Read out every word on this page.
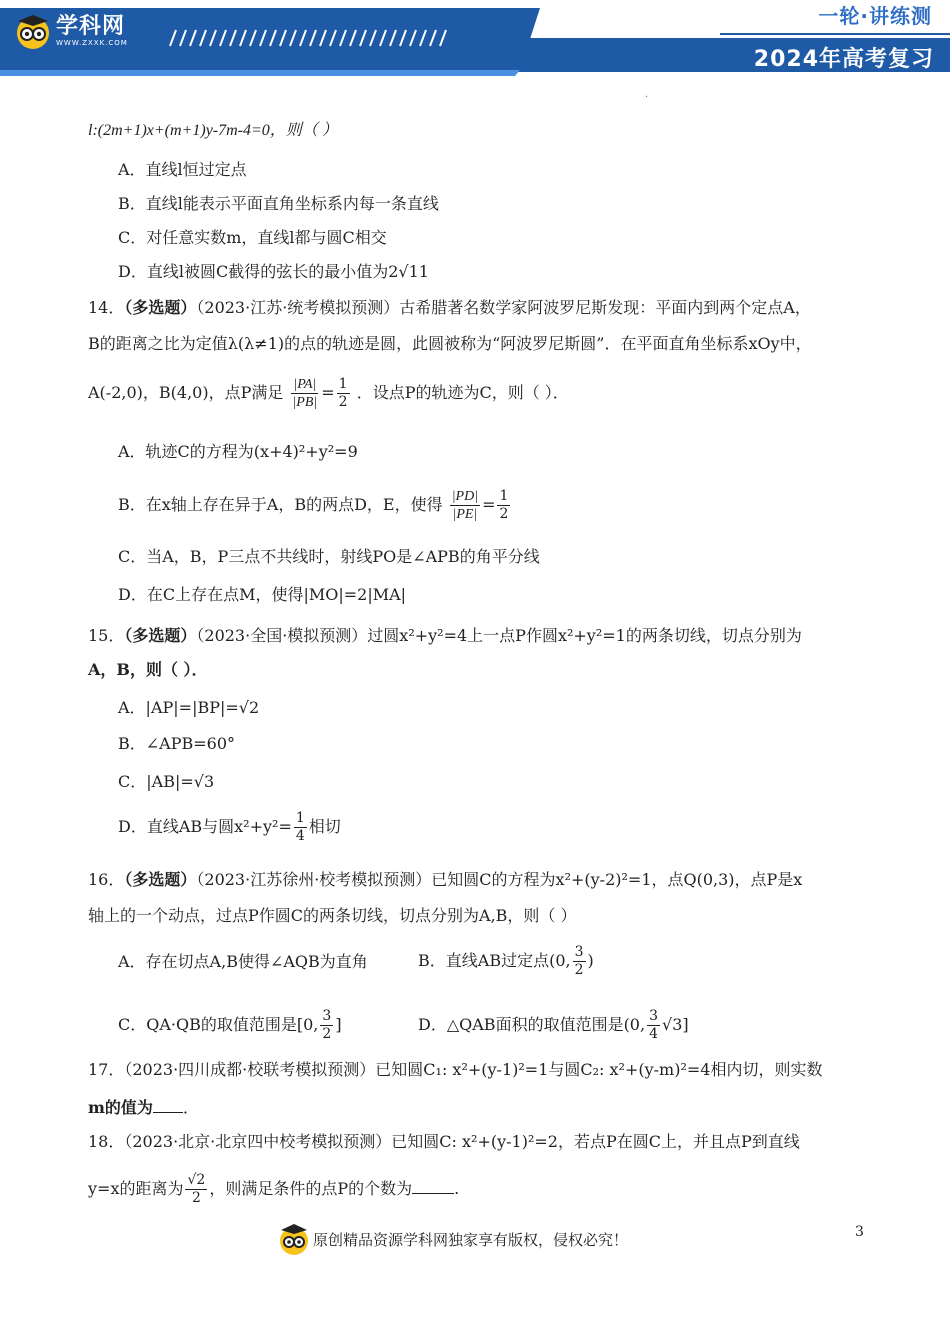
学科网
WWW.ZXXK.COM
一轮·讲练测
2024年高考复习
·
l:(2m+1)x+(m+1)y-7m-4=0，则（ ）
A．直线l恒过定点
B．直线l能表示平面直角坐标系内每一条直线
C．对任意实数m，直线l都与圆C相交
D．直线l被圆C截得的弦长的最小值为2√11
14．（多选题）（2023·江苏·统考模拟预测）古希腊著名数学家阿波罗尼斯发现：平面内到两个定点A，
B的距离之比为定值λ(λ≠1)的点的轨迹是圆，此圆被称为“阿波罗尼斯圆”．在平面直角坐标系xOy中，
A(-2,0)，B(4,0)，点P满足 $\frac{|PA|}{|PB|} = \frac{1}{2}$ ．设点P的轨迹为C，则（ ）．
A．轨迹C的方程为(x+4)²+y²=9
B．在x轴上存在异于A，B的两点D，E，使得 $\frac{|PD|}{|PE|} = \frac{1}{2}$
C．当A，B，P三点不共线时，射线PO是∠APB的角平分线
D．在C上存在点M，使得|MO|=2|MA|
15．（多选题）（2023·全国·模拟预测）过圆x²+y²=4上一点P作圆x²+y²=1的两条切线，切点分别为
A，B，则（ ）．
A．|AP|=|BP|=√2
B．∠APB=60°
C．|AB|=√3
D．直线AB与圆$x^2+y^2= \frac{1}{4}$ 相切
16．（多选题）（2023·江苏徐州·校考模拟预测）已知圆C的方程为x²+(y-2)²=1，点Q(0,3)，点P是x
轴上的一个动点，过点P作圆C的两条切线，切点分别为A,B，则（ ）
A．存在切点A,B使得∠AQB为直角	B．直线AB过定点(0, $\frac{3}{2}$ )
C．QA·QB的取值范围是[0, $\frac{3}{2}$ ]	D．△QAB面积的取值范围是(0, $\frac{3}{4} √3$]
17．（2023·四川成都·校联考模拟预测）已知圆C₁: x²+(y-1)²=1与圆C₂: x²+(y-m)²=4相内切，则实数
m的值为 ．
18．（2023·北京·北京四中校考模拟预测）已知圆C: x²+(y-1)²=2，若点P在圆C上，并且点P到直线
y=x的距离为 $\frac{√2}{2}$ ，则满足条件的点P的个数为	.
原创精品资源学科网独家享有版权，侵权必究！	3
